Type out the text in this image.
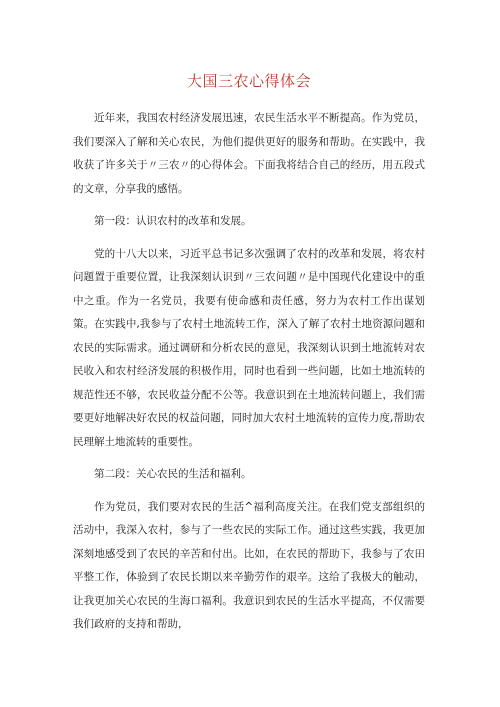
大国三农心得体会

近年来，我国农村经济发展迅速，农民生活水平不断提高。作为党员，我们要深入了解和关心农民，为他们提供更好的服务和帮助。在实践中，我收获了许多关于〃三农〃的心得体会。下面我将结合自己的经历，用五段式的文章，分享我的感悟。

第一段：认识农村的改革和发展。

党的十八大以来，习近平总书记多次强调了农村的改革和发展，将农村问题置于重要位置，让我深刻认识到〃三农问题〃是中国现代化建设中的重中之重。作为一名党员，我要有使命感和责任感，努力为农村工作出谋划策。在实践中,我参与了农村土地流转工作，深入了解了农村土地资源问题和农民的实际需求。通过调研和分析农民的意见，我深刻认识到土地流转对农民收入和农村经济发展的积极作用，同时也看到一些问题，比如土地流转的规范性还不够，农民收益分配不公等。我意识到在土地流转问题上，我们需要更好地解决好农民的权益问题，同时加大农村土地流转的宣传力度,帮助农民理解土地流转的重要性。

第二段：关心农民的生活和福利。

作为党员，我们要对农民的生活^福利高度关注。在我们党支部组织的活动中，我深入农村，参与了一些农民的实际工作。通过这些实践，我更加深刻地感受到了农民的辛苦和付出。比如，在农民的帮助下，我参与了农田平整工作，体验到了农民长期以来辛勤劳作的艰辛。这给了我极大的触动，让我更加关心农民的生海口福利。我意识到农民的生活水平提高，不仅需要我们政府的支持和帮助，
